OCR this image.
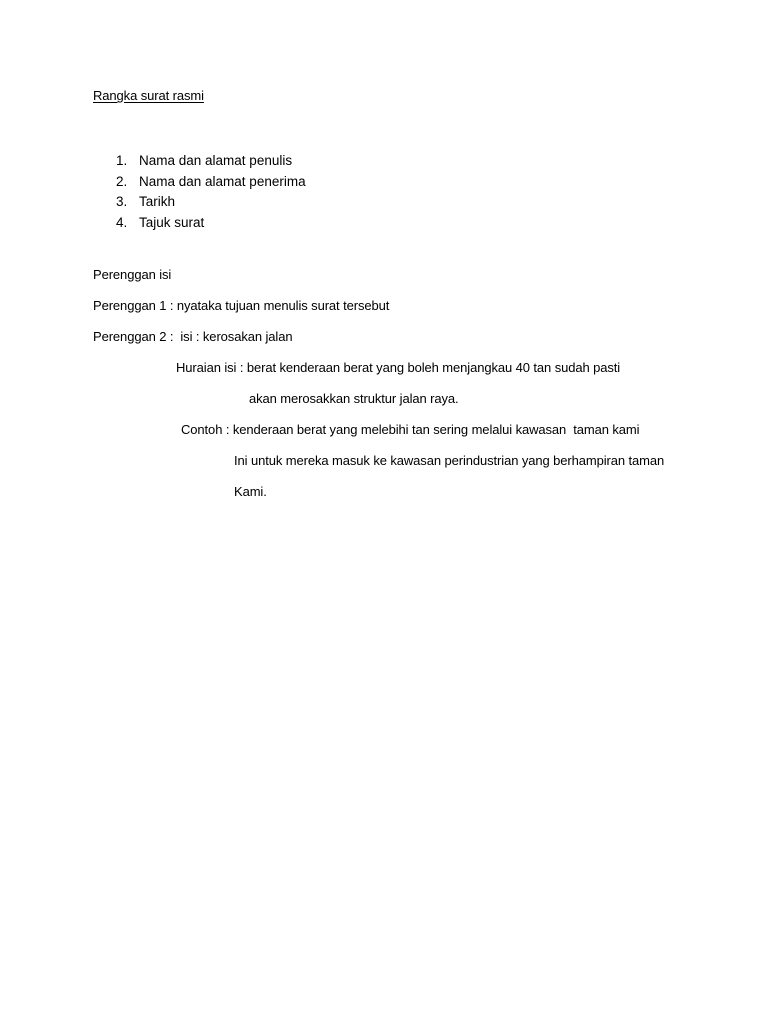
Rangka surat rasmi
1. Nama dan alamat penulis
2. Nama dan alamat penerima
3. Tarikh
4. Tajuk surat
Perenggan isi
Perenggan 1 : nyataka tujuan menulis surat tersebut
Perenggan 2 :  isi : kerosakan jalan
Huraian isi : berat kenderaan berat yang boleh menjangkau 40 tan sudah pasti
akan merosakkan struktur jalan raya.
Contoh : kenderaan berat yang melebihi tan sering melalui kawasan  taman kami
Ini untuk mereka masuk ke kawasan perindustrian yang berhampiran taman
Kami.
